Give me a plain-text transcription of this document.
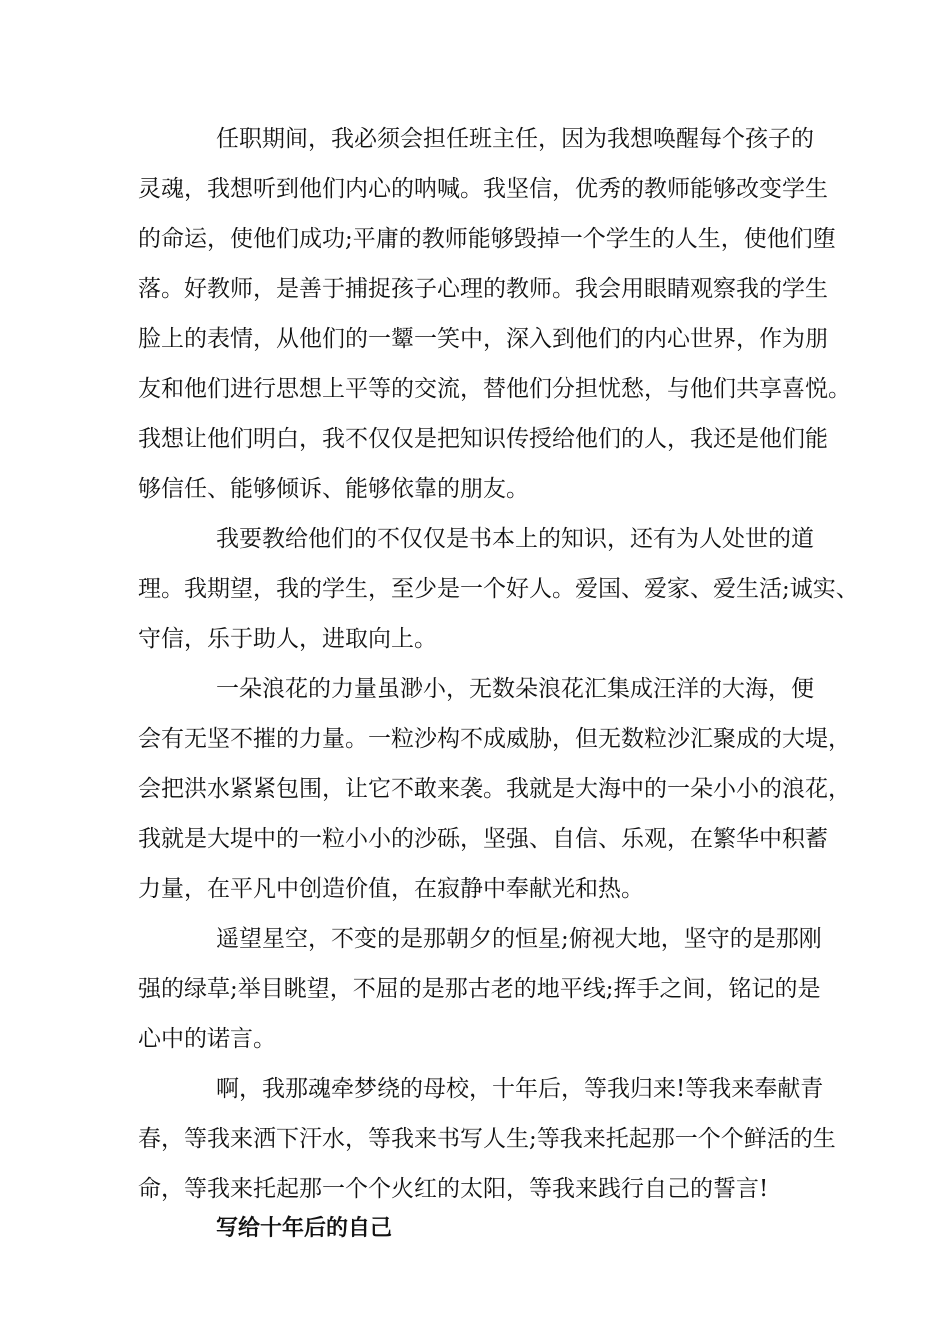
任职期间，我必须会担任班主任，因为我想唤醒每个孩子的

灵魂，我想听到他们内心的呐喊。我坚信，优秀的教师能够改变学生

的命运，使他们成功;平庸的教师能够毁掉一个学生的人生，使他们堕

落。好教师，是善于捕捉孩子心理的教师。我会用眼睛观察我的学生

脸上的表情，从他们的一颦一笑中，深入到他们的内心世界，作为朋

友和他们进行思想上平等的交流，替他们分担忧愁，与他们共享喜悦。

我想让他们明白，我不仅仅是把知识传授给他们的人，我还是他们能

够信任、能够倾诉、能够依靠的朋友。

我要教给他们的不仅仅是书本上的知识，还有为人处世的道

理。我期望，我的学生，至少是一个好人。爱国、爱家、爱生活;诚实、

守信，乐于助人，进取向上。

一朵浪花的力量虽渺小，无数朵浪花汇集成汪洋的大海，便

会有无坚不摧的力量。一粒沙构不成威胁，但无数粒沙汇聚成的大堤，

会把洪水紧紧包围，让它不敢来袭。我就是大海中的一朵小小的浪花，

我就是大堤中的一粒小小的沙砾，坚强、自信、乐观，在繁华中积蓄

力量，在平凡中创造价值，在寂静中奉献光和热。

遥望星空，不变的是那朝夕的恒星;俯视大地，坚守的是那刚

强的绿草;举目眺望，不屈的是那古老的地平线;挥手之间，铭记的是

心中的诺言。

啊，我那魂牵梦绕的母校，十年后，等我归来!等我来奉献青

春，等我来洒下汗水，等我来书写人生;等我来托起那一个个鲜活的生

命，等我来托起那一个个火红的太阳，等我来践行自己的誓言!

写给十年后的自己
